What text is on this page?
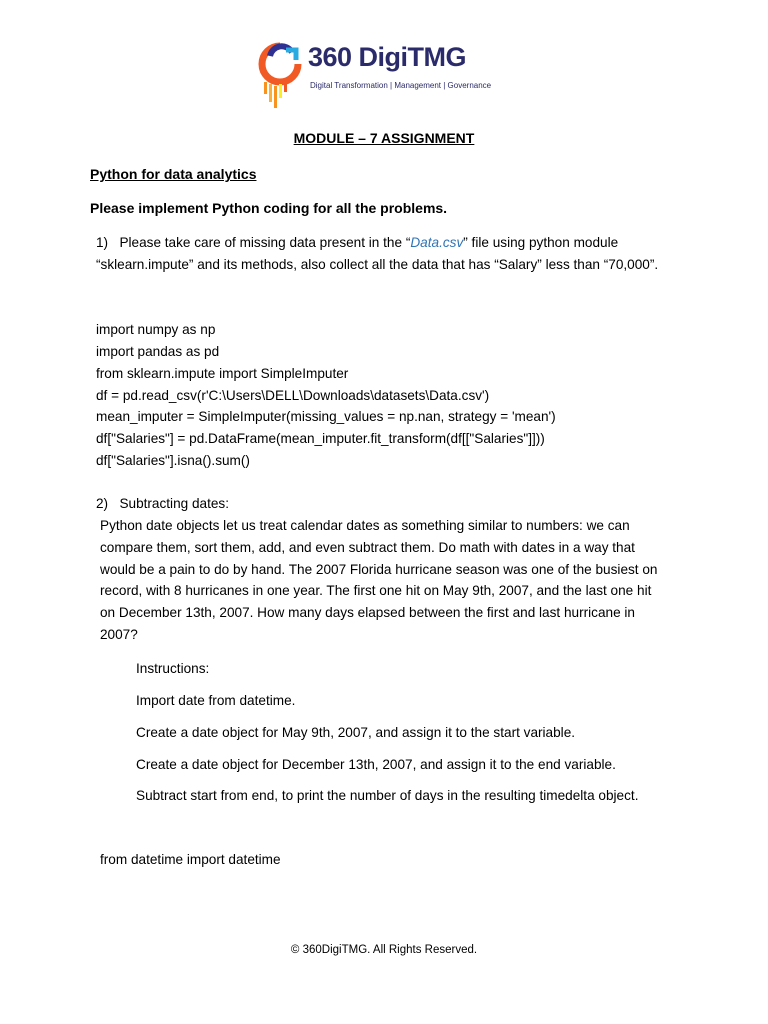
360 DigiTMG
Digital Transformation | Management | Governance
MODULE – 7 ASSIGNMENT
Python for data analytics
Please implement Python coding for all the problems.
1) Please take care of missing data present in the “Data.csv” file using python module
“sklearn.impute” and its methods, also collect all the data that has “Salary” less than “70,000”.
import numpy as np
import pandas as pd
from sklearn.impute import SimpleImputer
df = pd.read_csv(r'C:\Users\DELL\Downloads\datasets\Data.csv')
mean_imputer = SimpleImputer(missing_values = np.nan, strategy = 'mean')
df["Salaries"] = pd.DataFrame(mean_imputer.fit_transform(df[["Salaries"]]))
df["Salaries"].isna().sum()
2) Subtracting dates:
Python date objects let us treat calendar dates as something similar to numbers: we can
compare them, sort them, add, and even subtract them. Do math with dates in a way that
would be a pain to do by hand. The 2007 Florida hurricane season was one of the busiest on
record, with 8 hurricanes in one year. The first one hit on May 9th, 2007, and the last one hit
on December 13th, 2007. How many days elapsed between the first and last hurricane in
2007?
Instructions:
Import date from datetime.
Create a date object for May 9th, 2007, and assign it to the start variable.
Create a date object for December 13th, 2007, and assign it to the end variable.
Subtract start from end, to print the number of days in the resulting timedelta object.
from datetime import datetime
© 360DigiTMG. All Rights Reserved.
